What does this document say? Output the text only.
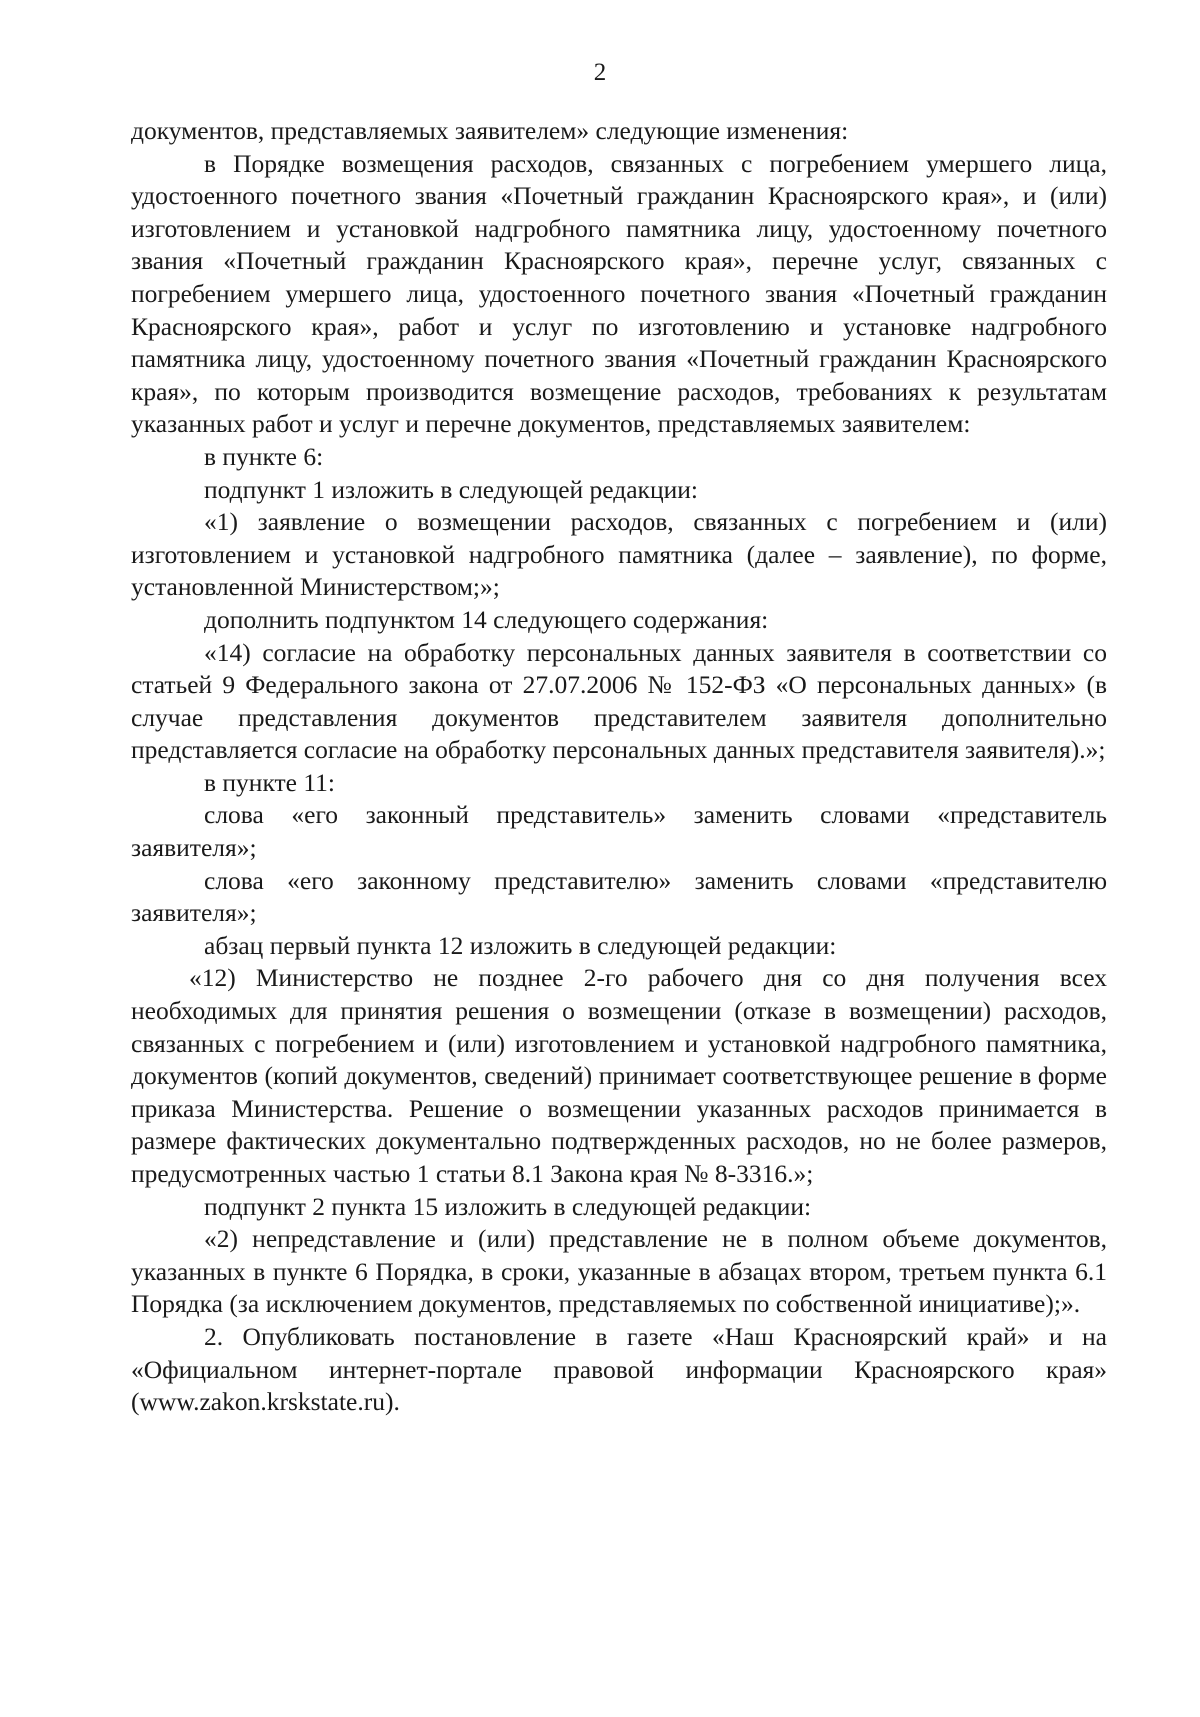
2

документов, представляемых заявителем» следующие изменения:

в Порядке возмещения расходов, связанных с погребением умершего лица, удостоенного почетного звания «Почетный гражданин Красноярского края», и (или) изготовлением и установкой надгробного памятника лицу, удостоенному почетного звания «Почетный гражданин Красноярского края», перечне услуг, связанных с погребением умершего лица, удостоенного почетного звания «Почетный гражданин Красноярского края», работ и услуг по изготовлению и установке надгробного памятника лицу, удостоенному почетного звания «Почетный гражданин Красноярского края», по которым производится возмещение расходов, требованиях к результатам указанных работ и услуг и перечне документов, представляемых заявителем:

в пункте 6:

подпункт 1 изложить в следующей редакции:

«1) заявление о возмещении расходов, связанных с погребением и (или) изготовлением и установкой надгробного памятника (далее – заявление), по форме, установленной Министерством;»;

дополнить подпунктом 14 следующего содержания:

«14) согласие на обработку персональных данных заявителя в соответствии со статьей 9 Федерального закона от 27.07.2006 № 152-ФЗ «О персональных данных» (в случае представления документов представителем заявителя дополнительно представляется согласие на обработку персональных данных представителя заявителя).»;

в пункте 11:

слова «его законный представитель» заменить словами «представитель заявителя»;

слова «его законному представителю» заменить словами «представителю заявителя»;

абзац первый пункта 12 изложить в следующей редакции:

«12) Министерство не позднее 2-го рабочего дня со дня получения всех необходимых для принятия решения о возмещении (отказе в возмещении) расходов, связанных с погребением и (или) изготовлением и установкой надгробного памятника, документов (копий документов, сведений) принимает соответствующее решение в форме приказа Министерства. Решение о возмещении указанных расходов принимается в размере фактических документально подтвержденных расходов, но не более размеров, предусмотренных частью 1 статьи 8.1 Закона края № 8-3316.»;

подпункт 2 пункта 15 изложить в следующей редакции:

«2) непредставление и (или) представление не в полном объеме документов, указанных в пункте 6 Порядка, в сроки, указанные в абзацах втором, третьем пункта 6.1 Порядка (за исключением документов, представляемых по собственной инициативе);».

2. Опубликовать постановление в газете «Наш Красноярский край» и на «Официальном интернет-портале правовой информации Красноярского края» (www.zakon.krskstate.ru).
